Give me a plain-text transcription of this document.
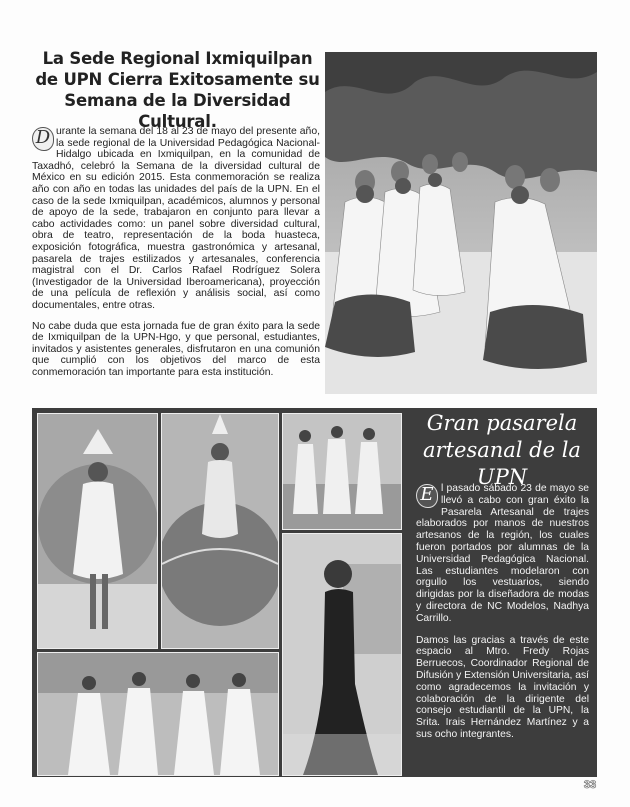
La Sede Regional Ixmiquilpan de UPN Cierra Exitosamente su Semana de la Diversidad Cultural.

D urante la semana del 18 al 23 de mayo del presente año, la sede regional de la Universidad Pedagógica Nacional-Hidalgo ubicada en Ixmiquilpan, en la comunidad de Taxadhó, celebró la Semana de la diversidad cultural de México en su edición 2015. Esta conmemoración se realiza año con año en todas las unidades del país de la UPN. En el caso de la sede Ixmiquilpan, académicos, alumnos y personal de apoyo de la sede, trabajaron en conjunto para llevar a cabo actividades como: un panel sobre diversidad cultural, obra de teatro, representación de la boda huasteca, exposición fotográfica, muestra gastronómica y artesanal, pasarela de trajes estilizados y artesanales, conferencia magistral con el Dr. Carlos Rafael Rodríguez Solera (Investigador de la Universidad Iberoamericana), proyección de una película de reflexión y análisis social, así como documentales, entre otras.

No cabe duda que esta jornada fue de gran éxito para la sede de Ixmiquilpan de la UPN-Hgo, y que personal, estudiantes, invitados y asistentes generales, disfrutaron en una comunión que cumplió con los objetivos del marco de esta conmemoración tan importante para esta institución.

Gran pasarela artesanal de la UPN

E l pasado sábado 23 de mayo se llevó a cabo con gran éxito la Pasarela Artesanal de trajes elaborados por manos de nuestros artesanos de la región, los cuales fueron portados por alumnas de la Universidad Pedagógica Nacional. Las estudiantes modelaron con orgullo los vestuarios, siendo dirigidas por la diseñadora de modas y directora de NC Modelos, Nadhya Carrillo.

Damos las gracias a través de este espacio al Mtro. Fredy Rojas Berruecos, Coordinador Regional de Difusión y Extensión Universitaria, así como agradecemos la invitación y colaboración de la dirigente del consejo estudiantil de la UPN, la Srita. Irais Hernández Martínez y a sus ocho integrantes.

33
